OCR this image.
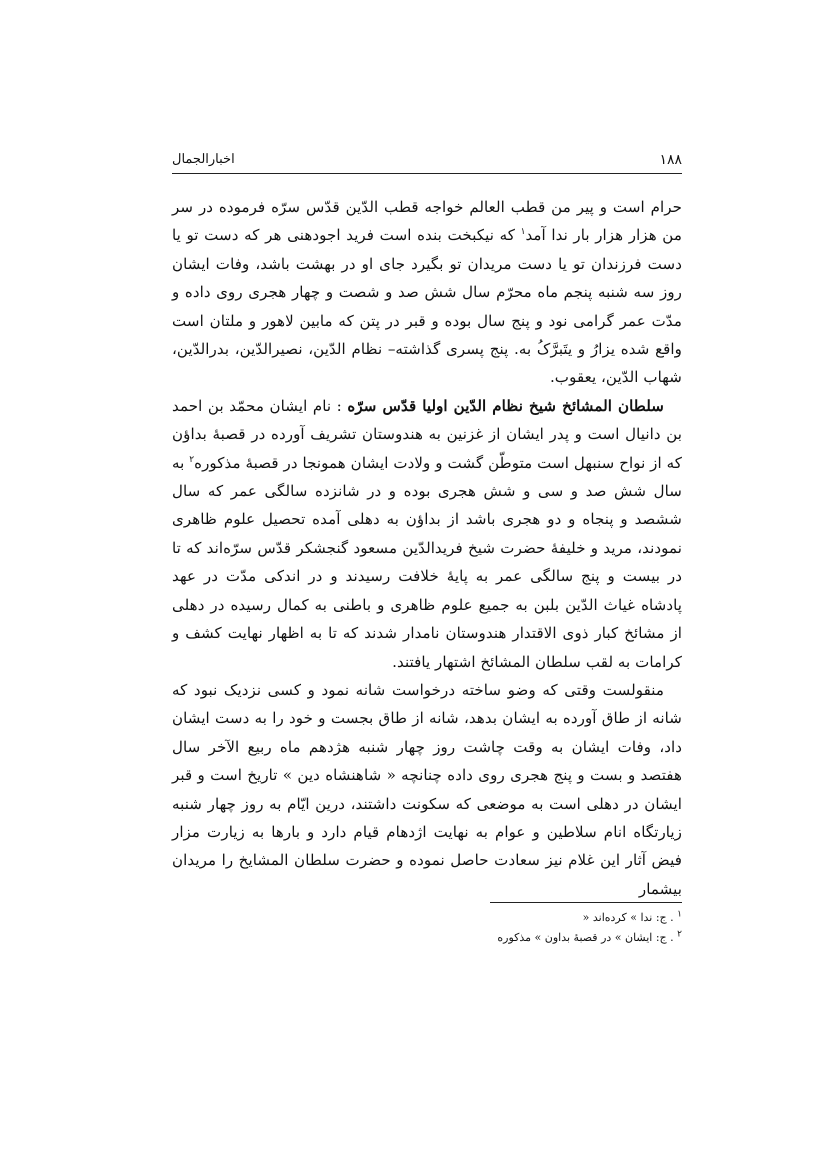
۱۸۸
اخبارالجمال

حرام است و پیر من قطب العالم خواجه قطب الدّین قدّس سرّه فرموده در سر من هزار هزار بار ندا آمد$^۱$ که نیکبخت بنده است فرید اجودهنی هر که دست تو یا دست فرزندان تو یا دست مریدان تو بگیرد جای او در بهشت باشد، وفات ایشان روز سه شنبه پنجم ماه محرّم سال شش صد و شصت و چهار هجری روی داده و مدّت عمر گرامی نود و پنج سال بوده و قبر در پتن که مابین لاهور و ملتان است واقع شده یزارُ و یتَبرَّکُ به. پنج پسری گذاشته– نظام الدّین، نصیرالدّین، بدرالدّین، شهاب الدّین، یعقوب.

سلطان المشائخ شیخ نظام الدّین اولیا قدّس سرّه : نام ایشان محمّد بن احمد بن دانیال است و پدر ایشان از غزنین به هندوستان تشریف آورده در قصبهٔ بداؤن که از نواح سنبهل است متوطّن گشت و ولادت ایشان همونجا در قصبهٔ مذکوره$^۲$ به سال شش صد و سی و شش هجری بوده و در شانزده سالگی عمر که سال ششصد و پنجاه و دو هجری باشد از بداؤن به دهلی آمده تحصیل علوم ظاهری نمودند، مرید و خلیفهٔ حضرت شیخ فریدالدّین مسعود گنجشکر قدّس سرّه‌اند که تا در بیست و پنج سالگی عمر به پایهٔ خلافت رسیدند و در اندکی مدّت در عهد پادشاه غیاث الدّین بلبن به جمیع علوم ظاهری و باطنی به کمال رسیده در دهلی از مشائخ کبار ذوی الاقتدار هندوستان نامدار شدند که تا به اظهار نهایت کشف و کرامات به لقب سلطان المشائخ اشتهار یافتند.

منقولست وقتی که وضو ساخته درخواست شانه نمود و کسی نزدیک نبود که شانه از طاق آورده به ایشان بدهد، شانه از طاق بجست و خود را به دست ایشان داد، وفات ایشان به وقت چاشت روز چهار شنبه هژدهم ماه ربیع الآخر سال هفتصد و بست و پنج هجری روی داده چنانچه « شاهنشاه دین » تاریخ است و قبر ایشان در دهلی است به موضعی که سکونت داشتند، درین ایّام به روز چهار شنبه زیارتگاه انام سلاطین و عوام به نهایت اژدهام قیام دارد و بارها به زیارت مزار فیض آثار این غلام نیز سعادت حاصل نموده و حضرت سلطان المشایخ را مریدان بیشمار

$^۱$ . ج: ندا » کرده‌اند «

$^۲$ . ج: ایشان » در قصبهٔ بداون » مذکوره
